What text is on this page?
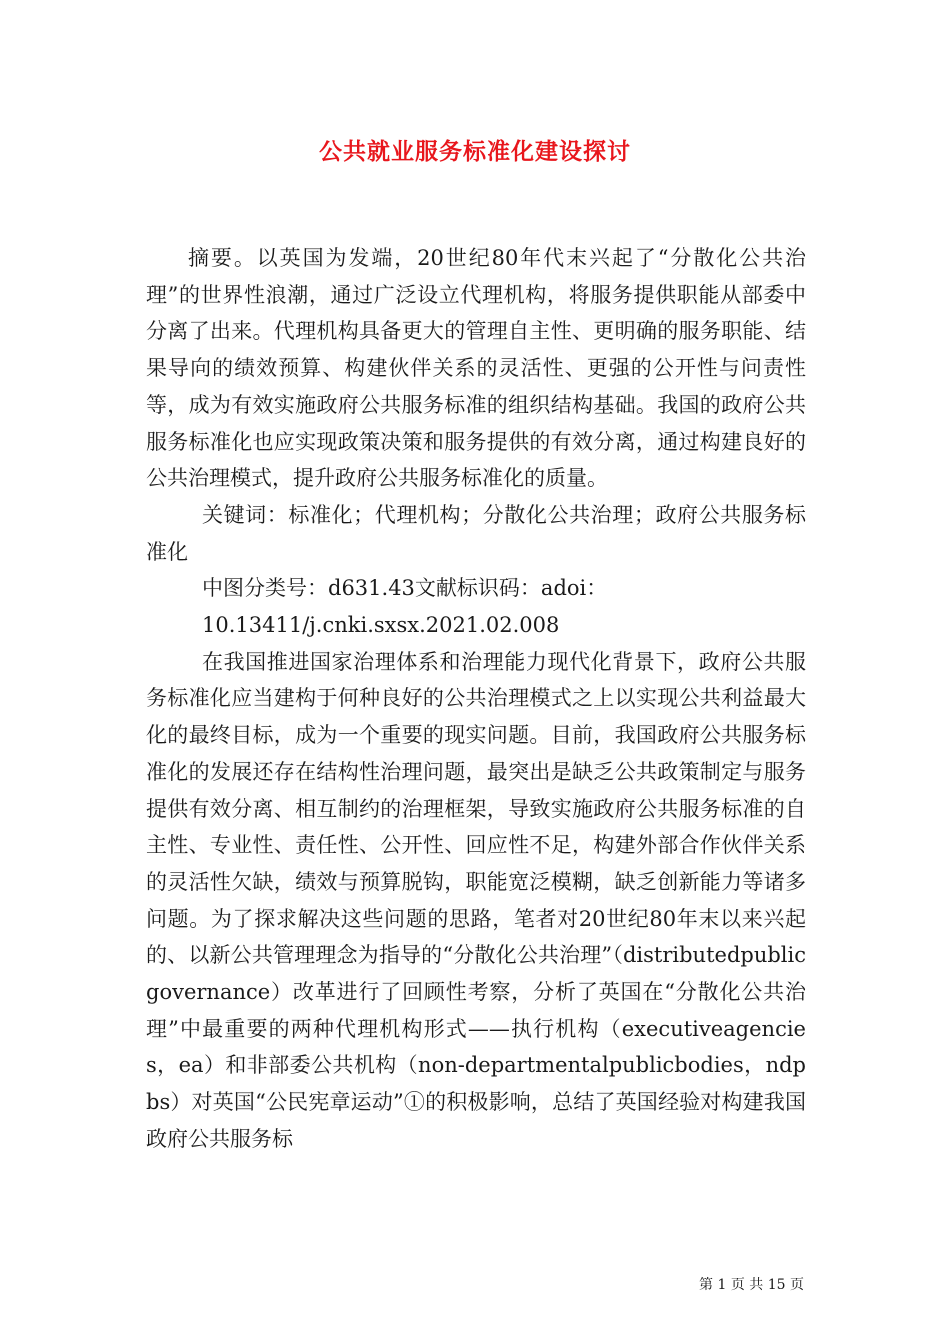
公共就业服务标准化建设探讨

摘要。以英国为发端，20世纪80年代末兴起了“分散化公共治理”的世界性浪潮，通过广泛设立代理机构，将服务提供职能从部委中分离了出来。代理机构具备更大的管理自主性、更明确的服务职能、结果导向的绩效预算、构建伙伴关系的灵活性、更强的公开性与问责性等，成为有效实施政府公共服务标准的组织结构基础。我国的政府公共服务标准化也应实现政策决策和服务提供的有效分离，通过构建良好的公共治理模式，提升政府公共服务标准化的质量。

关键词：标准化；代理机构；分散化公共治理；政府公共服务标准化

中图分类号：d631.43文献标识码：adoi：

10.13411/j.cnki.sxsx.2021.02.008

在我国推进国家治理体系和治理能力现代化背景下，政府公共服务标准化应当建构于何种良好的公共治理模式之上以实现公共利益最大化的最终目标，成为一个重要的现实问题。目前，我国政府公共服务标准化的发展还存在结构性治理问题，最突出是缺乏公共政策制定与服务提供有效分离、相互制约的治理框架，导致实施政府公共服务标准的自主性、专业性、责任性、公开性、回应性不足，构建外部合作伙伴关系的灵活性欠缺，绩效与预算脱钩，职能宽泛模糊，缺乏创新能力等诸多问题。为了探求解决这些问题的思路，笔者对20世纪80年末以来兴起的、以新公共管理理念为指导的“分散化公共治理”（distributedpublicgovernance）改革进行了回顾性考察，分析了英国在“分散化公共治理”中最重要的两种代理机构形式——执行机构（executiveagencies，ea）和非部委公共机构（non-departmentalpublicbodies，ndpbs）对英国“公民宪章运动”①的积极影响，总结了英国经验对构建我国政府公共服务标

第 1 页 共 15 页
